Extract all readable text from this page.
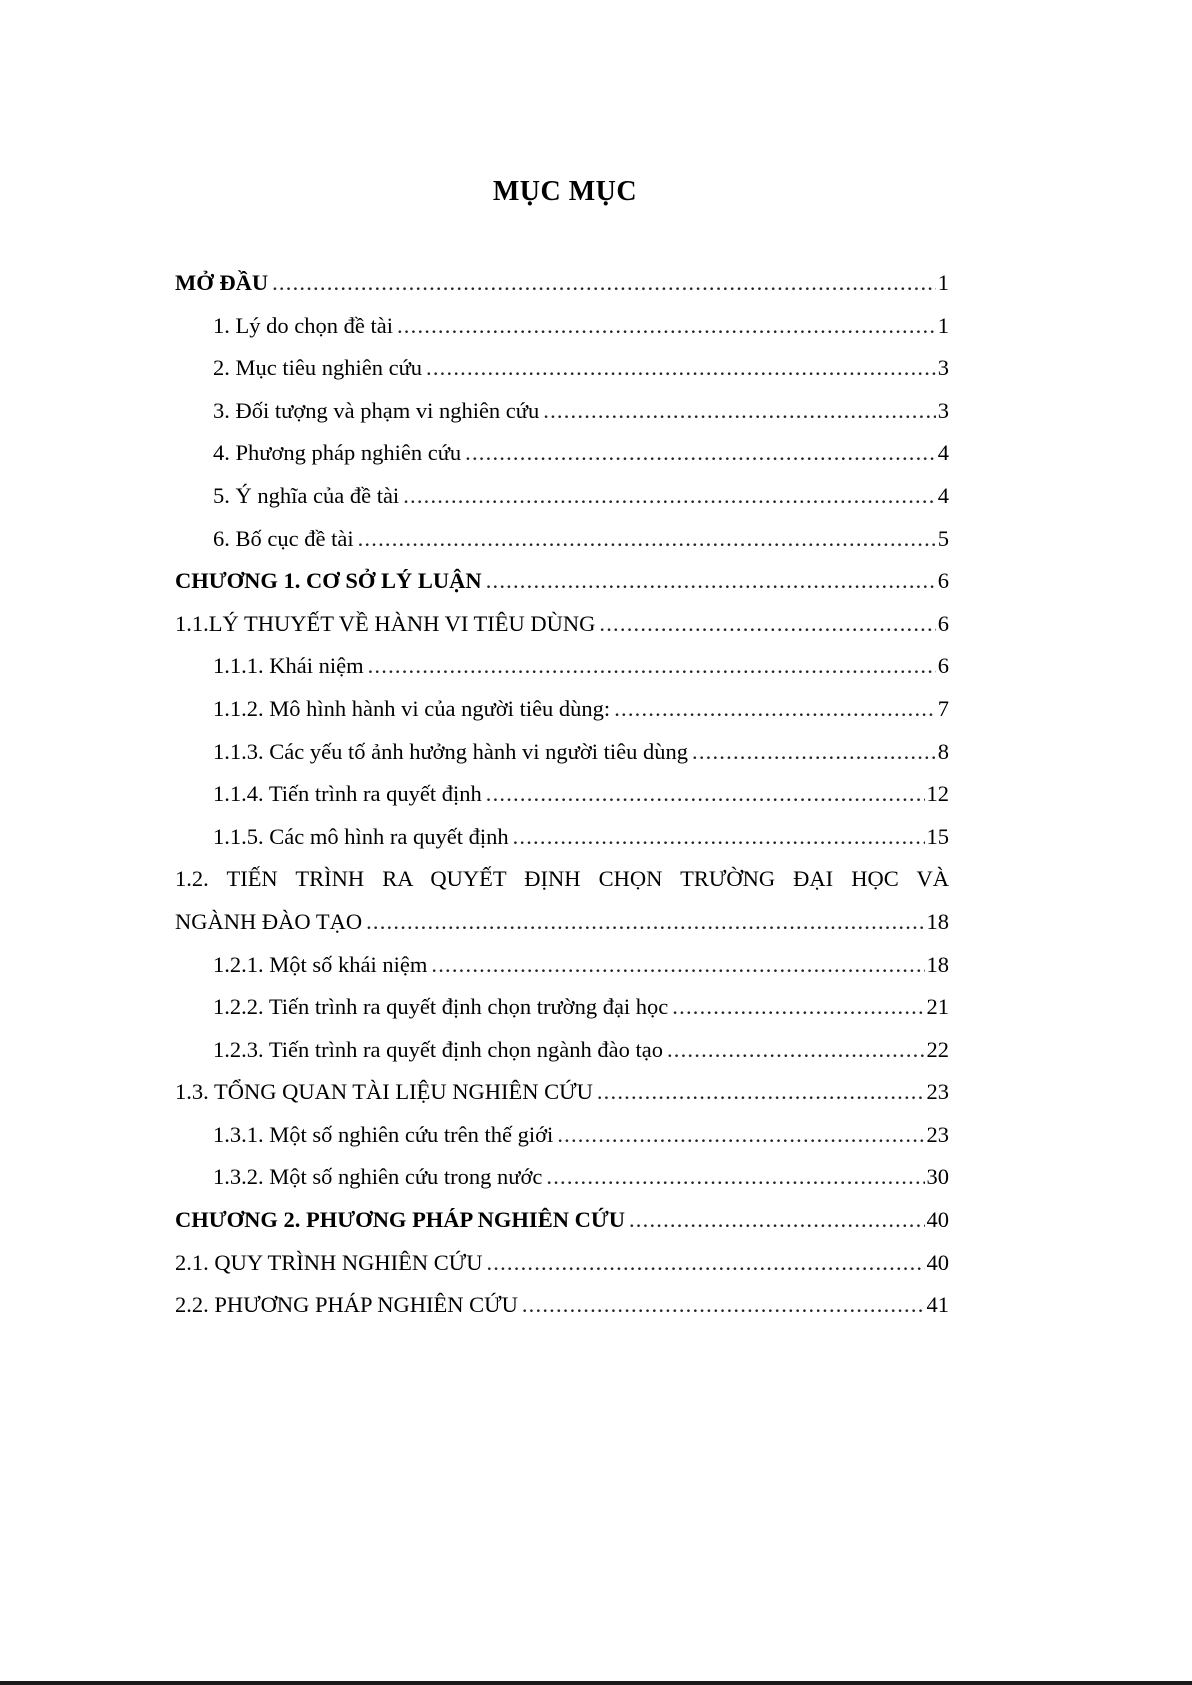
MỤC MỤC
MỞ ĐẦU .....	1
1. Lý do chọn đề tài .....	1
2. Mục tiêu nghiên cứu .....	3
3. Đối tượng và phạm vi nghiên cứu .....	3
4. Phương pháp nghiên cứu .....	4
5. Ý nghĩa của đề tài .....	4
6. Bố cục đề tài .....	5
CHƯƠNG 1. CƠ SỞ LÝ LUẬN .....	6
1.1.LÝ THUYẾT VỀ HÀNH VI TIÊU DÙNG .....	6
1.1.1. Khái niệm .....	6
1.1.2. Mô hình hành vi của người tiêu dùng: .....	7
1.1.3. Các yếu tố ảnh hưởng hành vi người tiêu dùng .....	8
1.1.4. Tiến trình ra quyết định .....	12
1.1.5. Các mô hình ra quyết định .....	15
1.2. TIẾN TRÌNH RA QUYẾT ĐỊNH CHỌN TRƯỜNG ĐẠI HỌC VÀ
NGÀNH ĐÀO TẠO .....	18
1.2.1. Một số khái niệm .....	18
1.2.2. Tiến trình ra quyết định chọn trường đại học .....	21
1.2.3. Tiến trình ra quyết định chọn ngành đào tạo .....	22
1.3. TỔNG QUAN TÀI LIỆU NGHIÊN CỨU .....	23
1.3.1. Một số nghiên cứu trên thế giới .....	23
1.3.2. Một số nghiên cứu trong nước .....	30
CHƯƠNG 2. PHƯƠNG PHÁP NGHIÊN CỨU .....	40
2.1. QUY TRÌNH NGHIÊN CỨU .....	40
2.2. PHƯƠNG PHÁP NGHIÊN CỨU .....	41
